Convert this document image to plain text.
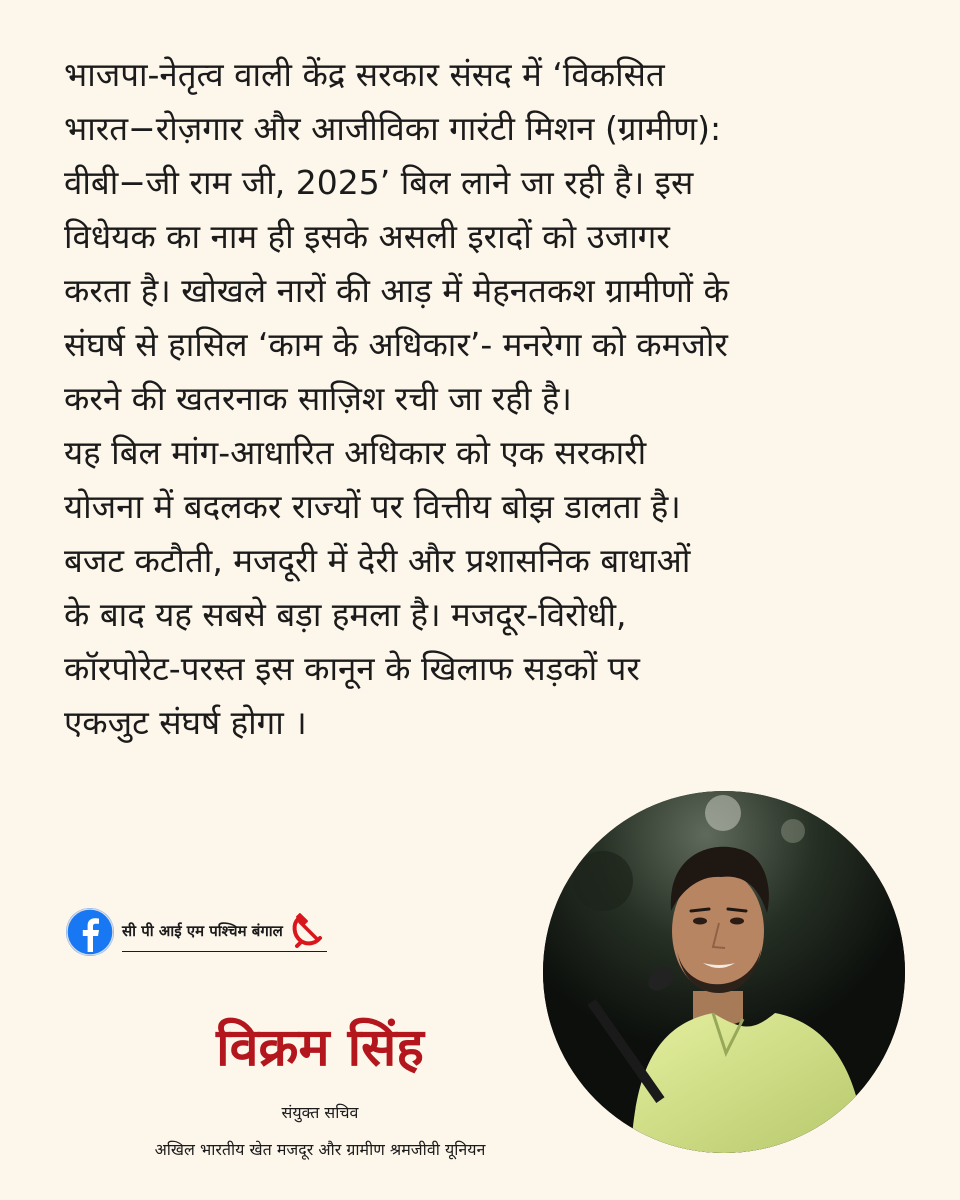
भाजपा-नेतृत्व वाली केंद्र सरकार संसद में ‘विकसित
भारत−रोज़गार और आजीविका गारंटी मिशन (ग्रामीण):
वीबी−जी राम जी, 2025’ बिल लाने जा रही है। इस
विधेयक का नाम ही इसके असली इरादों को उजागर
करता है। खोखले नारों की आड़ में मेहनतकश ग्रामीणों के
संघर्ष से हासिल ‘काम के अधिकार’- मनरेगा को कमजोर
करने की खतरनाक साज़िश रची जा रही है।
यह बिल मांग-आधारित अधिकार को एक सरकारी
योजना में बदलकर राज्यों पर वित्तीय बोझ डालता है।
बजट कटौती, मजदूरी में देरी और प्रशासनिक बाधाओं
के बाद यह सबसे बड़ा हमला है। मजदूर-विरोधी,
कॉरपोरेट-परस्त इस कानून के खिलाफ सड़कों पर
एकजुट संघर्ष होगा ।

सी पी आई एम पश्चिम बंगाल
विक्रम सिंह
संयुक्त सचिव
अखिल भारतीय खेत मजदूर और ग्रामीण श्रमजीवी यूनियन
